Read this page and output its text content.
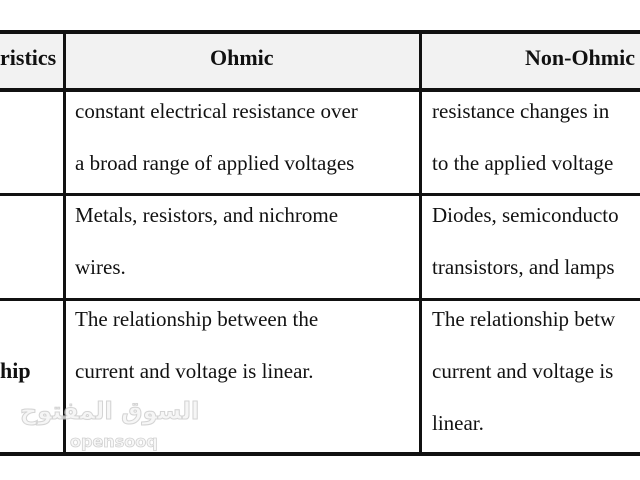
ristics	Ohmic	Non-Ohmic
constant electrical resistance over
a broad range of applied voltages
resistance changes in
to the applied voltage
Metals, resistors, and nichrome
wires.
Diodes, semiconducto
transistors, and lamps
hip
The relationship between the
current and voltage is linear.
The relationship betw
current and voltage is
linear.
السوق المفتوح
opensooq
